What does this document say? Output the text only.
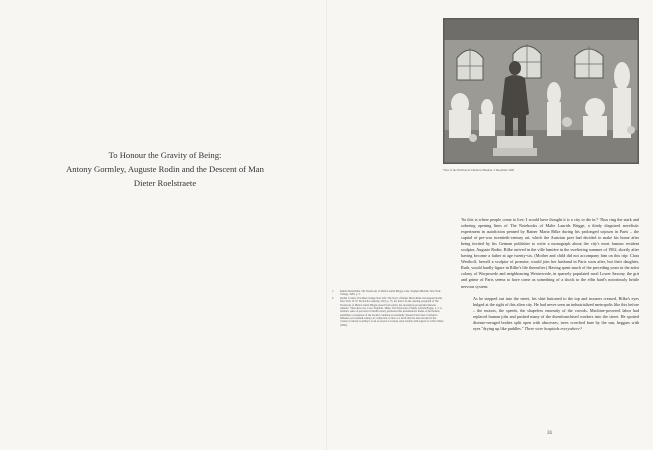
To Honour the Gravity of Being:
Antony Gormley, Auguste Rodin and the Descent of Man
Dieter Roelstraete
1.	Rainer Maria Rilke, The Notebooks of Malte Laurids Brigge, trans. Stephen Mitchell, New York: Vintage, 1985, p. 3.
2.	Rachel Corbett, You Must Change Your Life: The Story of Rainer Maria Rilke and Auguste Rodin, New York: W. W. Norton & Company, 2016, p. 73; my italics. In the opening paragraph of The Notebooks of Malte Laurids Brigge quoted from earlier, the eponymous protagonist likewise remarks: 'There have rue, I saw: hospitals.' Rilke, The Notebooks of Malte Laurids Brigge, p. 3. A dramatic sense of pervasive ill health clearly permeated this monumental's theme of the modern, and Rilke's conceptions of the modern condition as essentially 'diseased' have had a formative influence on twentieth-century art, subjection, in turn, is a motif that has been invoked in the context of Antony Gormley's work on several occasions, most notably with regards to Critical Mass (1995).
View of the Pavillon de l'Alma in Meudon, 5 December 1900

'So this is where people come to live; I would have thought it is a city to die in.'¹ Thus ring the stark and sobering opening lines of The Notebooks of Malte Laurids Brigge, a thinly disguised novelistic experiment in autofiction penned by Rainer Maria Rilke during his prolonged sojourn in Paris – the capital of pre-war twentieth-century art, which the Austrian poet had decided to make his home after being invited by his German publisher to write a monograph about the city's most famous resident sculptor, Auguste Rodin. Rilke arrived in the ville lumière in the sweltering summer of 1902, shortly after having become a father at age twenty-six. (Mother and child did not accompany him on this trip: Clara Westhoff, herself a sculptor of promise, would join her husband in Paris soon after, but their daughter, Ruth, would hardly figure in Rilke's life thereafter.) Having spent much of the preceding years in the artist colony of Worpswede and neighbouring Westerwede, in sparsely populated rural Lower Saxony, the grit and grime of Paris seems to have come as something of a shock to the elfin bard's notoriously brittle nervous system:

As he stepped out into the street, his shirt buttoned to the top and trousers creased, Rilke's eyes bulged at the sight of this alien city. He had never seen an industrialized metropolis like this before – the motors, the speeds, the shapeless enormity of the crowds. Machine-powered labor had replaced human jobs and pushed many of the disenfranchised workers into the street. He spotted disease-ravaged bodies split open with abscesses, trees scorched bare by the sun, beggars with eyes "drying up like puddles." There were hospitals everywhere.²

31
